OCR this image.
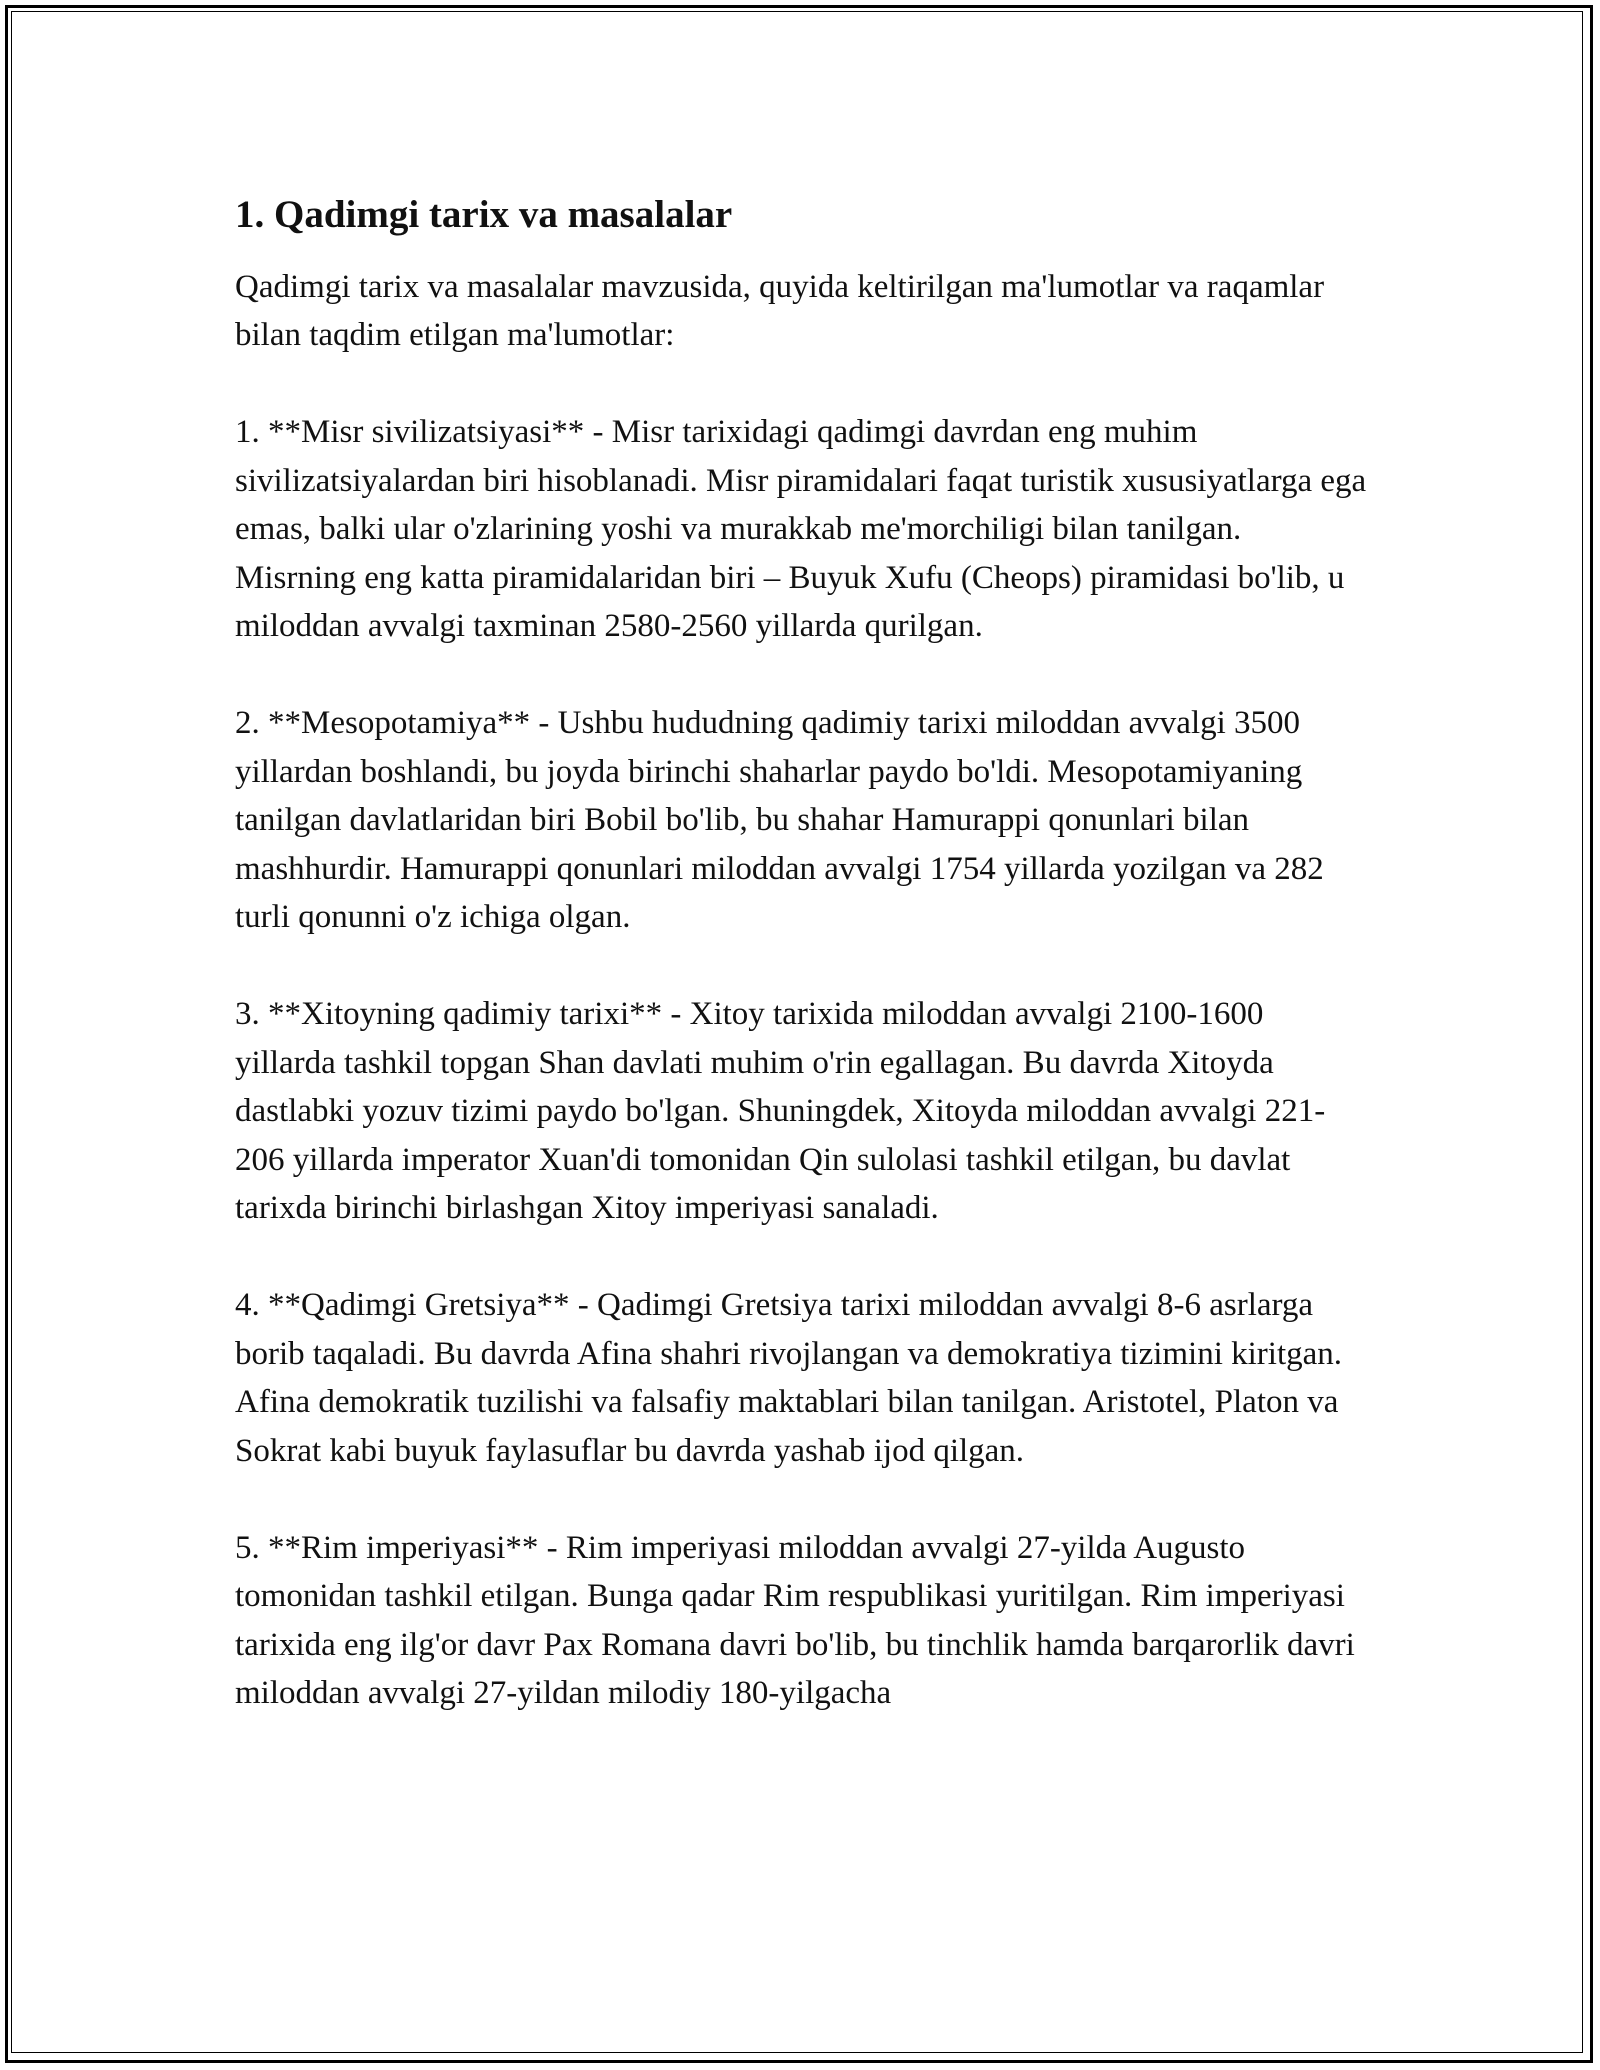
1. Qadimgi tarix va masalalar

Qadimgi tarix va masalalar mavzusida, quyida keltirilgan ma'lumotlar va raqamlar bilan taqdim etilgan ma'lumotlar:

1. **Misr sivilizatsiyasi** - Misr tarixidagi qadimgi davrdan eng muhim sivilizatsiyalardan biri hisoblanadi. Misr piramidalari faqat turistik xususiyatlarga ega emas, balki ular o'zlarining yoshi va murakkab me'morchiligi bilan tanilgan. Misrning eng katta piramidalaridan biri – Buyuk Xufu (Cheops) piramidasi bo'lib, u miloddan avvalgi taxminan 2580-2560 yillarda qurilgan.

2. **Mesopotamiya** - Ushbu hududning qadimiy tarixi miloddan avvalgi 3500 yillardan boshlandi, bu joyda birinchi shaharlar paydo bo'ldi. Mesopotamiyaning tanilgan davlatlaridan biri Bobil bo'lib, bu shahar Hamurappi qonunlari bilan mashhurdir. Hamurappi qonunlari miloddan avvalgi 1754 yillarda yozilgan va 282 turli qonunni o'z ichiga olgan.

3. **Xitoyning qadimiy tarixi** - Xitoy tarixida miloddan avvalgi 2100-1600 yillarda tashkil topgan Shan davlati muhim o'rin egallagan. Bu davrda Xitoyda dastlabki yozuv tizimi paydo bo'lgan. Shuningdek, Xitoyda miloddan avvalgi 221-206 yillarda imperator Xuan'di tomonidan Qin sulolasi tashkil etilgan, bu davlat tarixda birinchi birlashgan Xitoy imperiyasi sanaladi.

4. **Qadimgi Gretsiya** - Qadimgi Gretsiya tarixi miloddan avvalgi 8-6 asrlarga borib taqaladi. Bu davrda Afina shahri rivojlangan va demokratiya tizimini kiritgan. Afina demokratik tuzilishi va falsafiy maktablari bilan tanilgan. Aristotel, Platon va Sokrat kabi buyuk faylasuflar bu davrda yashab ijod qilgan.

5. **Rim imperiyasi** - Rim imperiyasi miloddan avvalgi 27-yilda Augusto tomonidan tashkil etilgan. Bunga qadar Rim respublikasi yuritilgan. Rim imperiyasi tarixida eng ilg'or davr Pax Romana davri bo'lib, bu tinchlik hamda barqarorlik davri miloddan avvalgi 27-yildan milodiy 180-yilgacha
